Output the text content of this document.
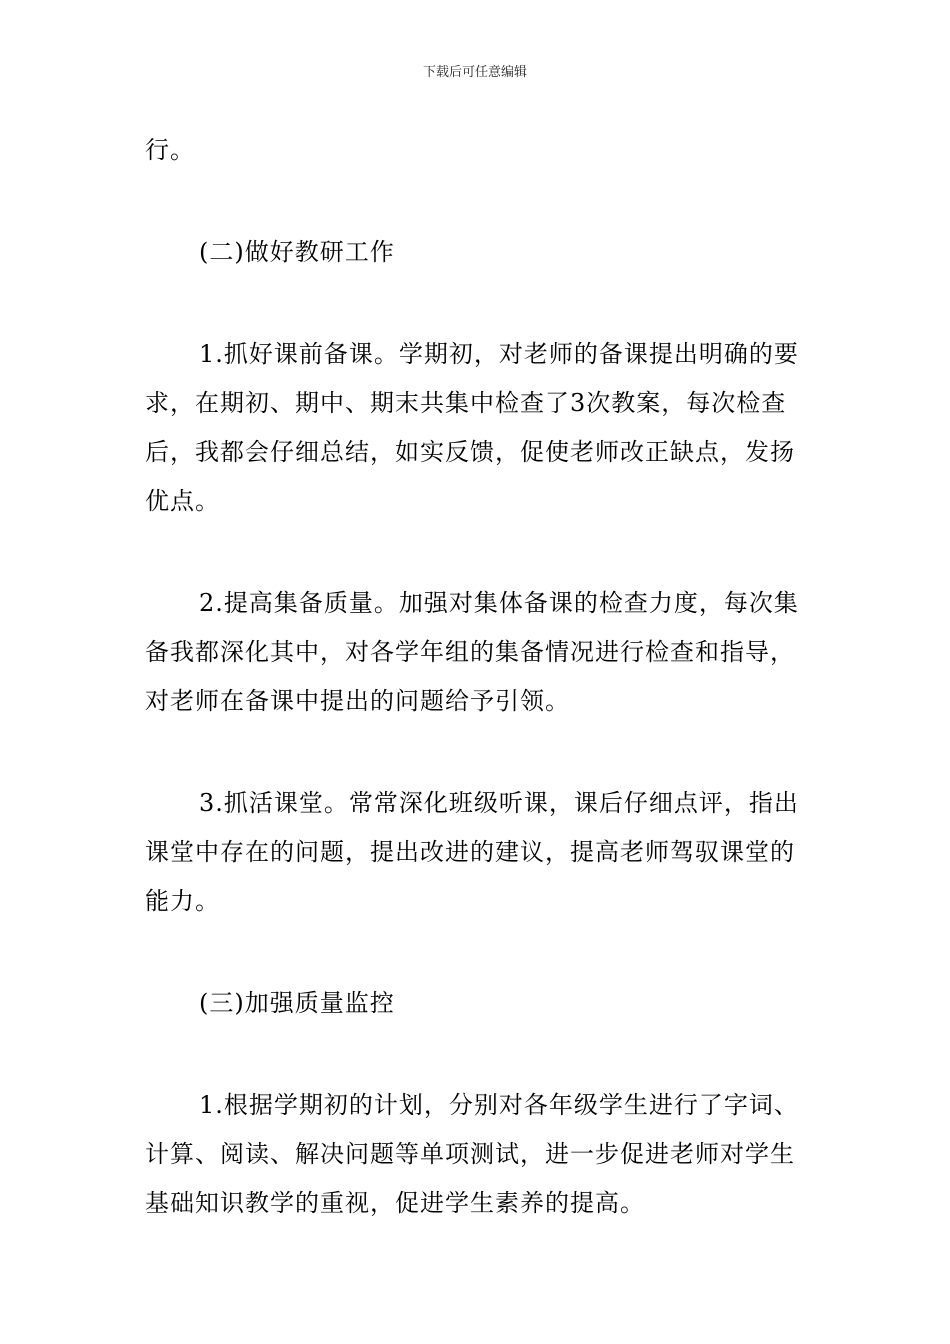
下载后可任意编辑

行。

(二)做好教研工作

1.抓好课前备课。学期初，对老师的备课提出明确的要求，在期初、期中、期末共集中检查了3次教案，每次检查后，我都会仔细总结，如实反馈，促使老师改正缺点，发扬优点。

2.提高集备质量。加强对集体备课的检查力度，每次集备我都深化其中，对各学年组的集备情况进行检查和指导，对老师在备课中提出的问题给予引领。

3.抓活课堂。常常深化班级听课，课后仔细点评，指出课堂中存在的问题，提出改进的建议，提高老师驾驭课堂的能力。

(三)加强质量监控

1.根据学期初的计划，分别对各年级学生进行了字词、计算、阅读、解决问题等单项测试，进一步促进老师对学生基础知识教学的重视，促进学生素养的提高。
